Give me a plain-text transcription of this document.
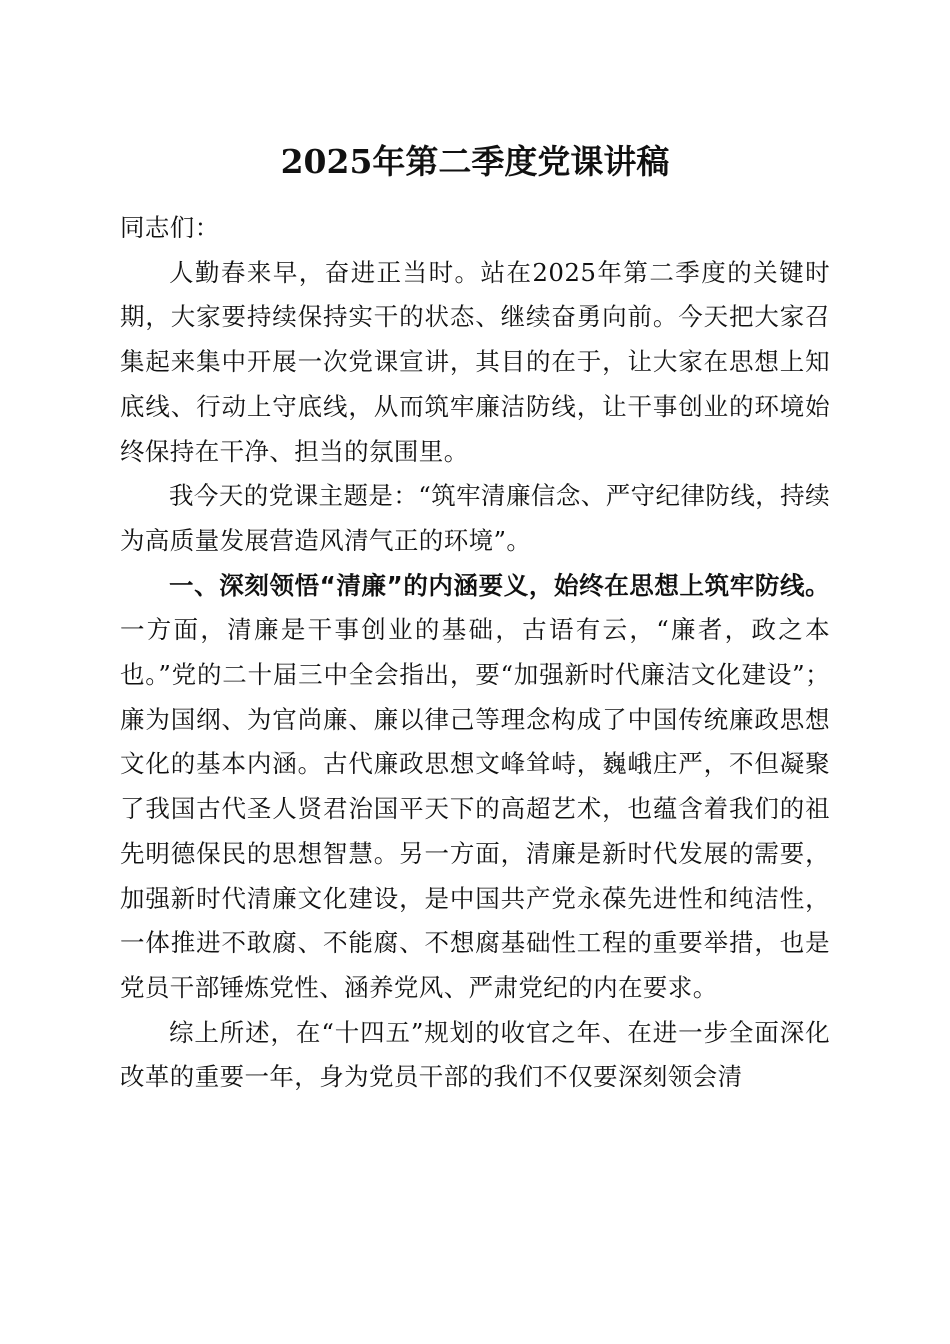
2025年第二季度党课讲稿

同志们：

人勤春来早，奋进正当时。站在2025年第二季度的关键时期，大家要持续保持实干的状态、继续奋勇向前。今天把大家召集起来集中开展一次党课宣讲，其目的在于，让大家在思想上知底线、行动上守底线，从而筑牢廉洁防线，让干事创业的环境始终保持在干净、担当的氛围里。

我今天的党课主题是：“筑牢清廉信念、严守纪律防线，持续为高质量发展营造风清气正的环境”。

一、深刻领悟“清廉”的内涵要义，始终在思想上筑牢防线。一方面，清廉是干事创业的基础，古语有云，“廉者，政之本也。”党的二十届三中全会指出，要“加强新时代廉洁文化建设”；廉为国纲、为官尚廉、廉以律己等理念构成了中国传统廉政思想文化的基本内涵。古代廉政思想文峰耸峙，巍峨庄严，不但凝聚了我国古代圣人贤君治国平天下的高超艺术，也蕴含着我们的祖先明德保民的思想智慧。另一方面，清廉是新时代发展的需要，加强新时代清廉文化建设，是中国共产党永葆先进性和纯洁性，一体推进不敢腐、不能腐、不想腐基础性工程的重要举措，也是党员干部锤炼党性、涵养党风、严肃党纪的内在要求。

综上所述，在“十四五”规划的收官之年、在进一步全面深化改革的重要一年，身为党员干部的我们不仅要深刻领会清
